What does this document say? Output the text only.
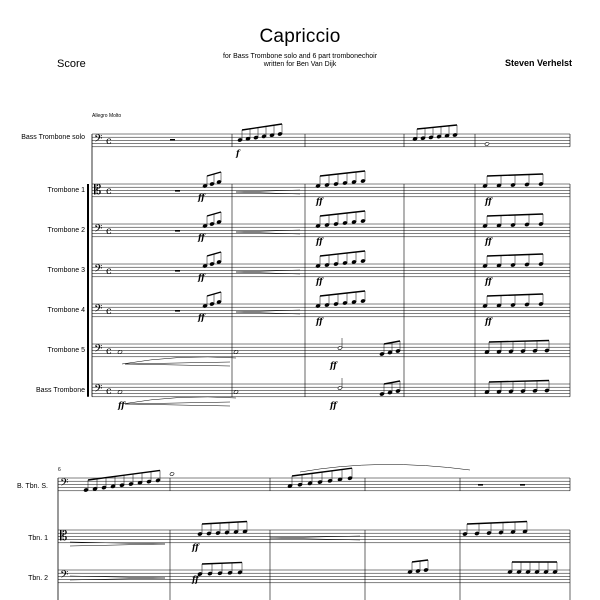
Capriccio
for Bass Trombone solo and 6 part trombonechoir
written for Ben Van Dijk
Score	Steven Verhelst
Allegro Molto
Bass Trombone solo
Trombone 1
Trombone 2
Trombone 3
Trombone 4
Trombone 5
Bass Trombone
B. Tbn. S.
Tbn. 1
Tbn. 2
6
𝄢 c
𝄡 c
𝄢 c
𝄢 c
𝄢 c
𝄢 c
𝄢 c
𝄢
𝄡
𝄢
f
ff	ff	ff
ff	ff	ff
ff	ff	ff
ff	ff	ff
ff
ff
ff
ff
ff
